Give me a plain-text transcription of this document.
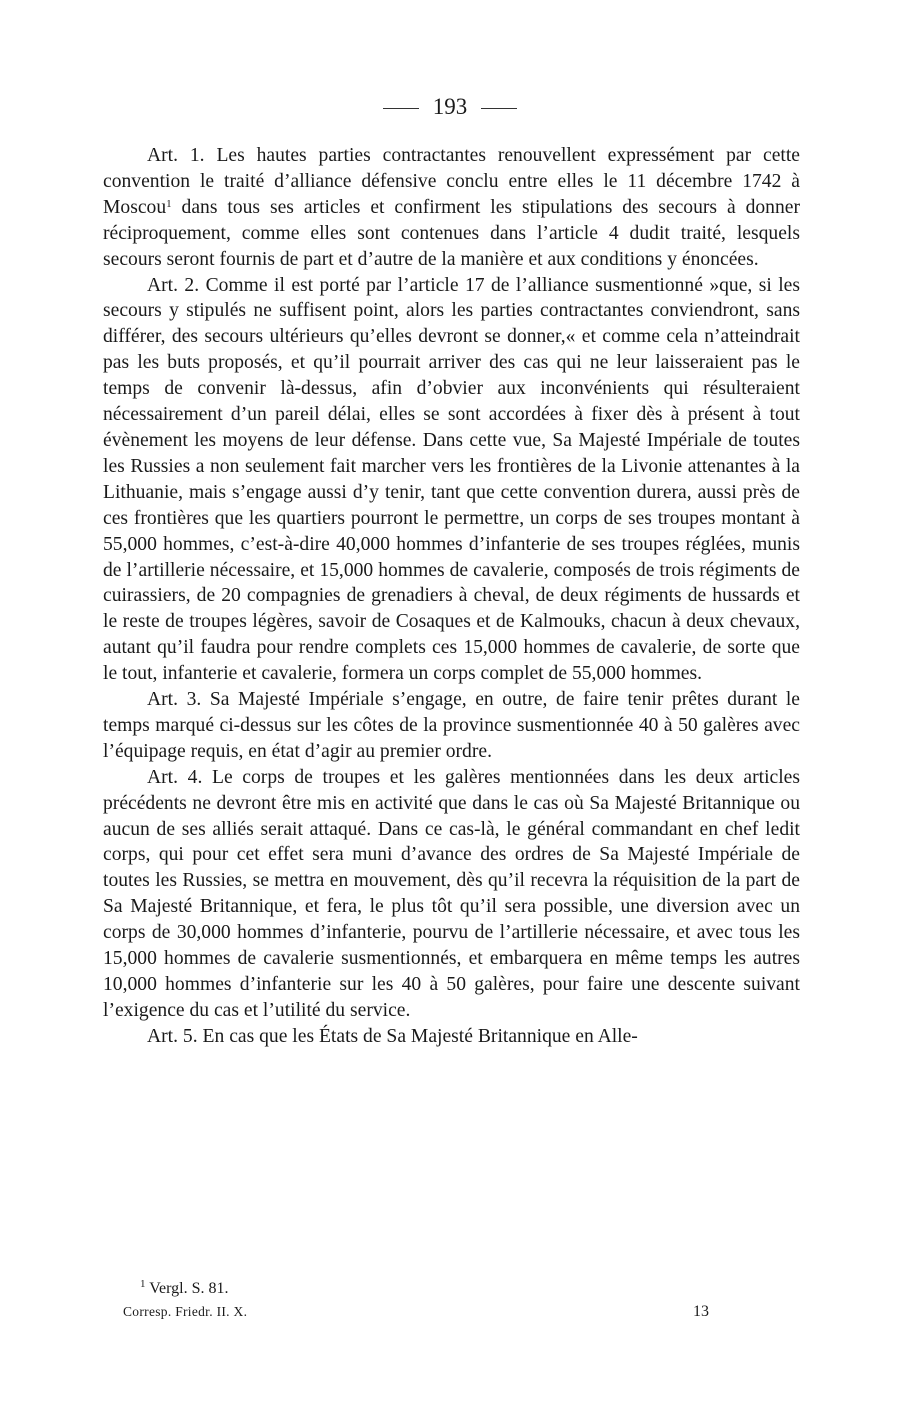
193

Art. 1. Les hautes parties contractantes renouvellent expressément par cette convention le traité d’alliance défensive conclu entre elles le 11 décembre 1742 à Moscou$^1$ dans tous ses articles et confirment les stipulations des secours à donner réciproquement, comme elles sont contenues dans l’article 4 dudit traité, lesquels secours seront fournis de part et d’autre de la manière et aux conditions y énoncées.

Art. 2. Comme il est porté par l’article 17 de l’alliance susmentionné »que, si les secours y stipulés ne suffisent point, alors les parties contractantes conviendront, sans différer, des secours ultérieurs qu’elles devront se donner,« et comme cela n’atteindrait pas les buts proposés, et qu’il pourrait arriver des cas qui ne leur laisseraient pas le temps de convenir là-dessus, afin d’obvier aux inconvénients qui résulteraient nécessairement d’un pareil délai, elles se sont accordées à fixer dès à présent à tout évènement les moyens de leur défense. Dans cette vue, Sa Majesté Impériale de toutes les Russies a non seulement fait marcher vers les frontières de la Livonie attenantes à la Lithuanie, mais s’engage aussi d’y tenir, tant que cette convention durera, aussi près de ces frontières que les quartiers pourront le permettre, un corps de ses troupes montant à 55,000 hommes, c’est-à-dire 40,000 hommes d’infanterie de ses troupes réglées, munis de l’artillerie nécessaire, et 15,000 hommes de cavalerie, composés de trois régiments de cuirassiers, de 20 compagnies de grenadiers à cheval, de deux régiments de hussards et le reste de troupes légères, savoir de Cosaques et de Kalmouks, chacun à deux chevaux, autant qu’il faudra pour rendre complets ces 15,000 hommes de cavalerie, de sorte que le tout, infanterie et cavalerie, formera un corps complet de 55,000 hommes.

Art. 3. Sa Majesté Impériale s’engage, en outre, de faire tenir prêtes durant le temps marqué ci-dessus sur les côtes de la province susmentionnée 40 à 50 galères avec l’équipage requis, en état d’agir au premier ordre.

Art. 4. Le corps de troupes et les galères mentionnées dans les deux articles précédents ne devront être mis en activité que dans le cas où Sa Majesté Britannique ou aucun de ses alliés serait attaqué. Dans ce cas-là, le général commandant en chef ledit corps, qui pour cet effet sera muni d’avance des ordres de Sa Majesté Impériale de toutes les Russies, se mettra en mouvement, dès qu’il recevra la réquisition de la part de Sa Majesté Britannique, et fera, le plus tôt qu’il sera possible, une diversion avec un corps de 30,000 hommes d’infanterie, pourvu de l’artillerie nécessaire, et avec tous les 15,000 hommes de cavalerie susmentionnés, et embarquera en même temps les autres 10,000 hommes d’infanterie sur les 40 à 50 galères, pour faire une descente suivant l’exigence du cas et l’utilité du service.

Art. 5. En cas que les États de Sa Majesté Britannique en Alle-

$^1$ Vergl. S. 81.
Corresp. Friedr. II. X.	13
